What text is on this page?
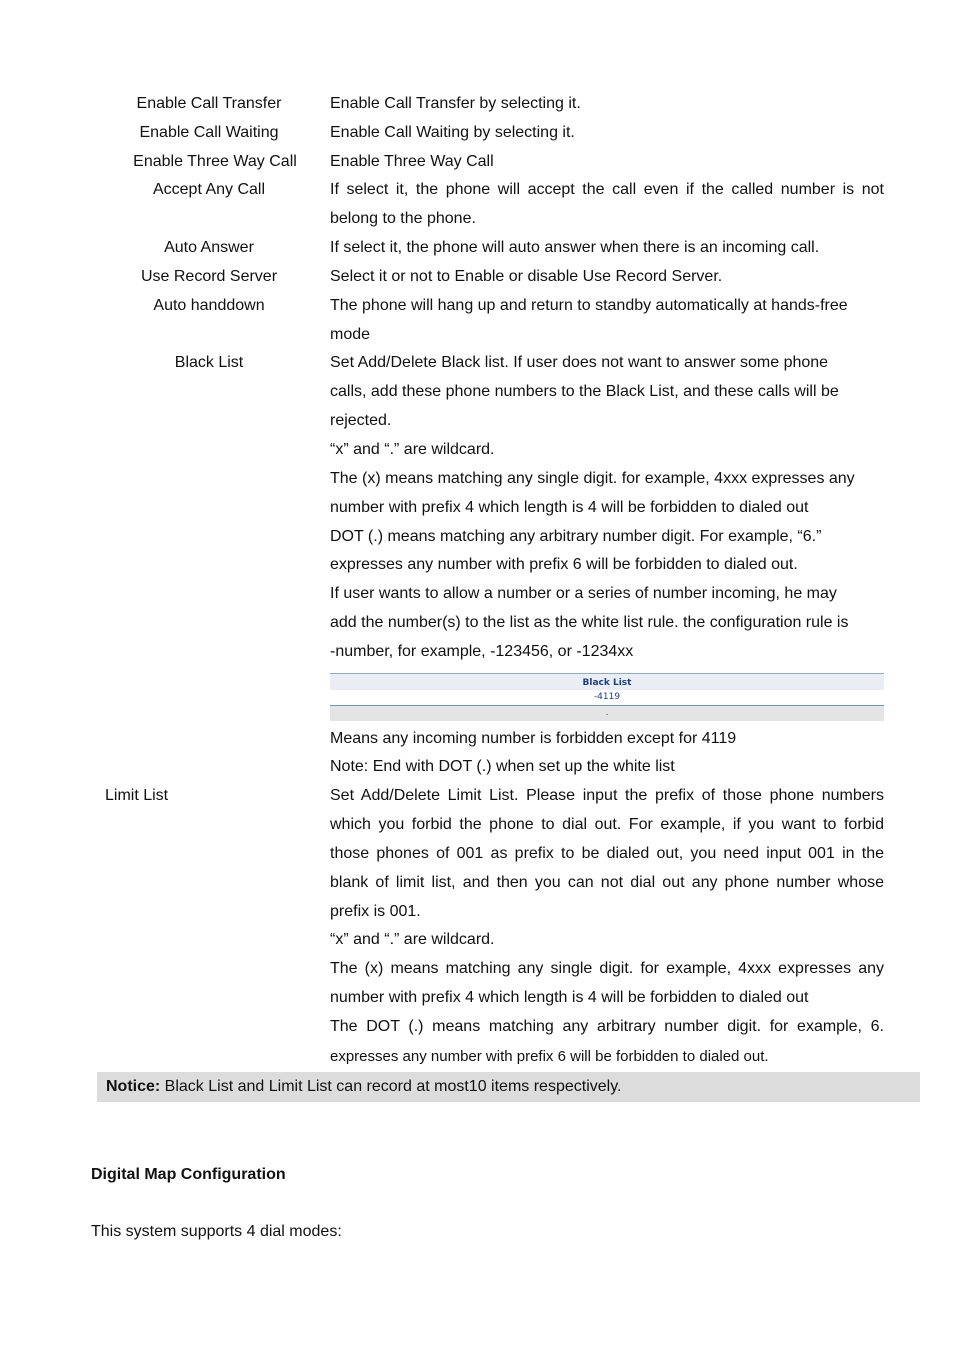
Enable Call Transfer	Enable Call Transfer by selecting it.
Enable Call Waiting	Enable Call Waiting by selecting it.
Enable Three Way Call	Enable Three Way Call
Accept Any Call	If select it, the phone will accept the call even if the called number is not
belong to the phone.
Auto Answer	If select it, the phone will auto answer when there is an incoming call.
Use Record Server	Select it or not to Enable or disable Use Record Server.
Auto handdown	The phone will hang up and return to standby automatically at hands-free
mode
Black List	Set Add/Delete Black list. If user does not want to answer some phone
calls, add these phone numbers to the Black List, and these calls will be
rejected.
“x” and “.” are wildcard.
The (x) means matching any single digit. for example, 4xxx expresses any
number with prefix 4 which length is 4 will be forbidden to dialed out
DOT (.) means matching any arbitrary number digit. For example, “6.”
expresses any number with prefix 6 will be forbidden to dialed out.
If user wants to allow a number or a series of number incoming, he may
add the number(s) to the list as the white list rule. the configuration rule is
-number, for example, -123456, or -1234xx
Black List
-4119
.
Means any incoming number is forbidden except for 4119
Note: End with DOT (.) when set up the white list
Limit List	Set Add/Delete Limit List. Please input the prefix of those phone numbers
which you forbid the phone to dial out. For example, if you want to forbid
those phones of 001 as prefix to be dialed out, you need input 001 in the
blank of limit list, and then you can not dial out any phone number whose
prefix is 001.
“x” and “.” are wildcard.
The (x) means matching any single digit. for example, 4xxx expresses any
number with prefix 4 which length is 4 will be forbidden to dialed out
The DOT (.) means matching any arbitrary number digit. for example, 6.
expresses any number with prefix 6 will be forbidden to dialed out.
Notice: Black List and Limit List can record at most10 items respectively.
Digital Map Configuration
This system supports 4 dial modes:
